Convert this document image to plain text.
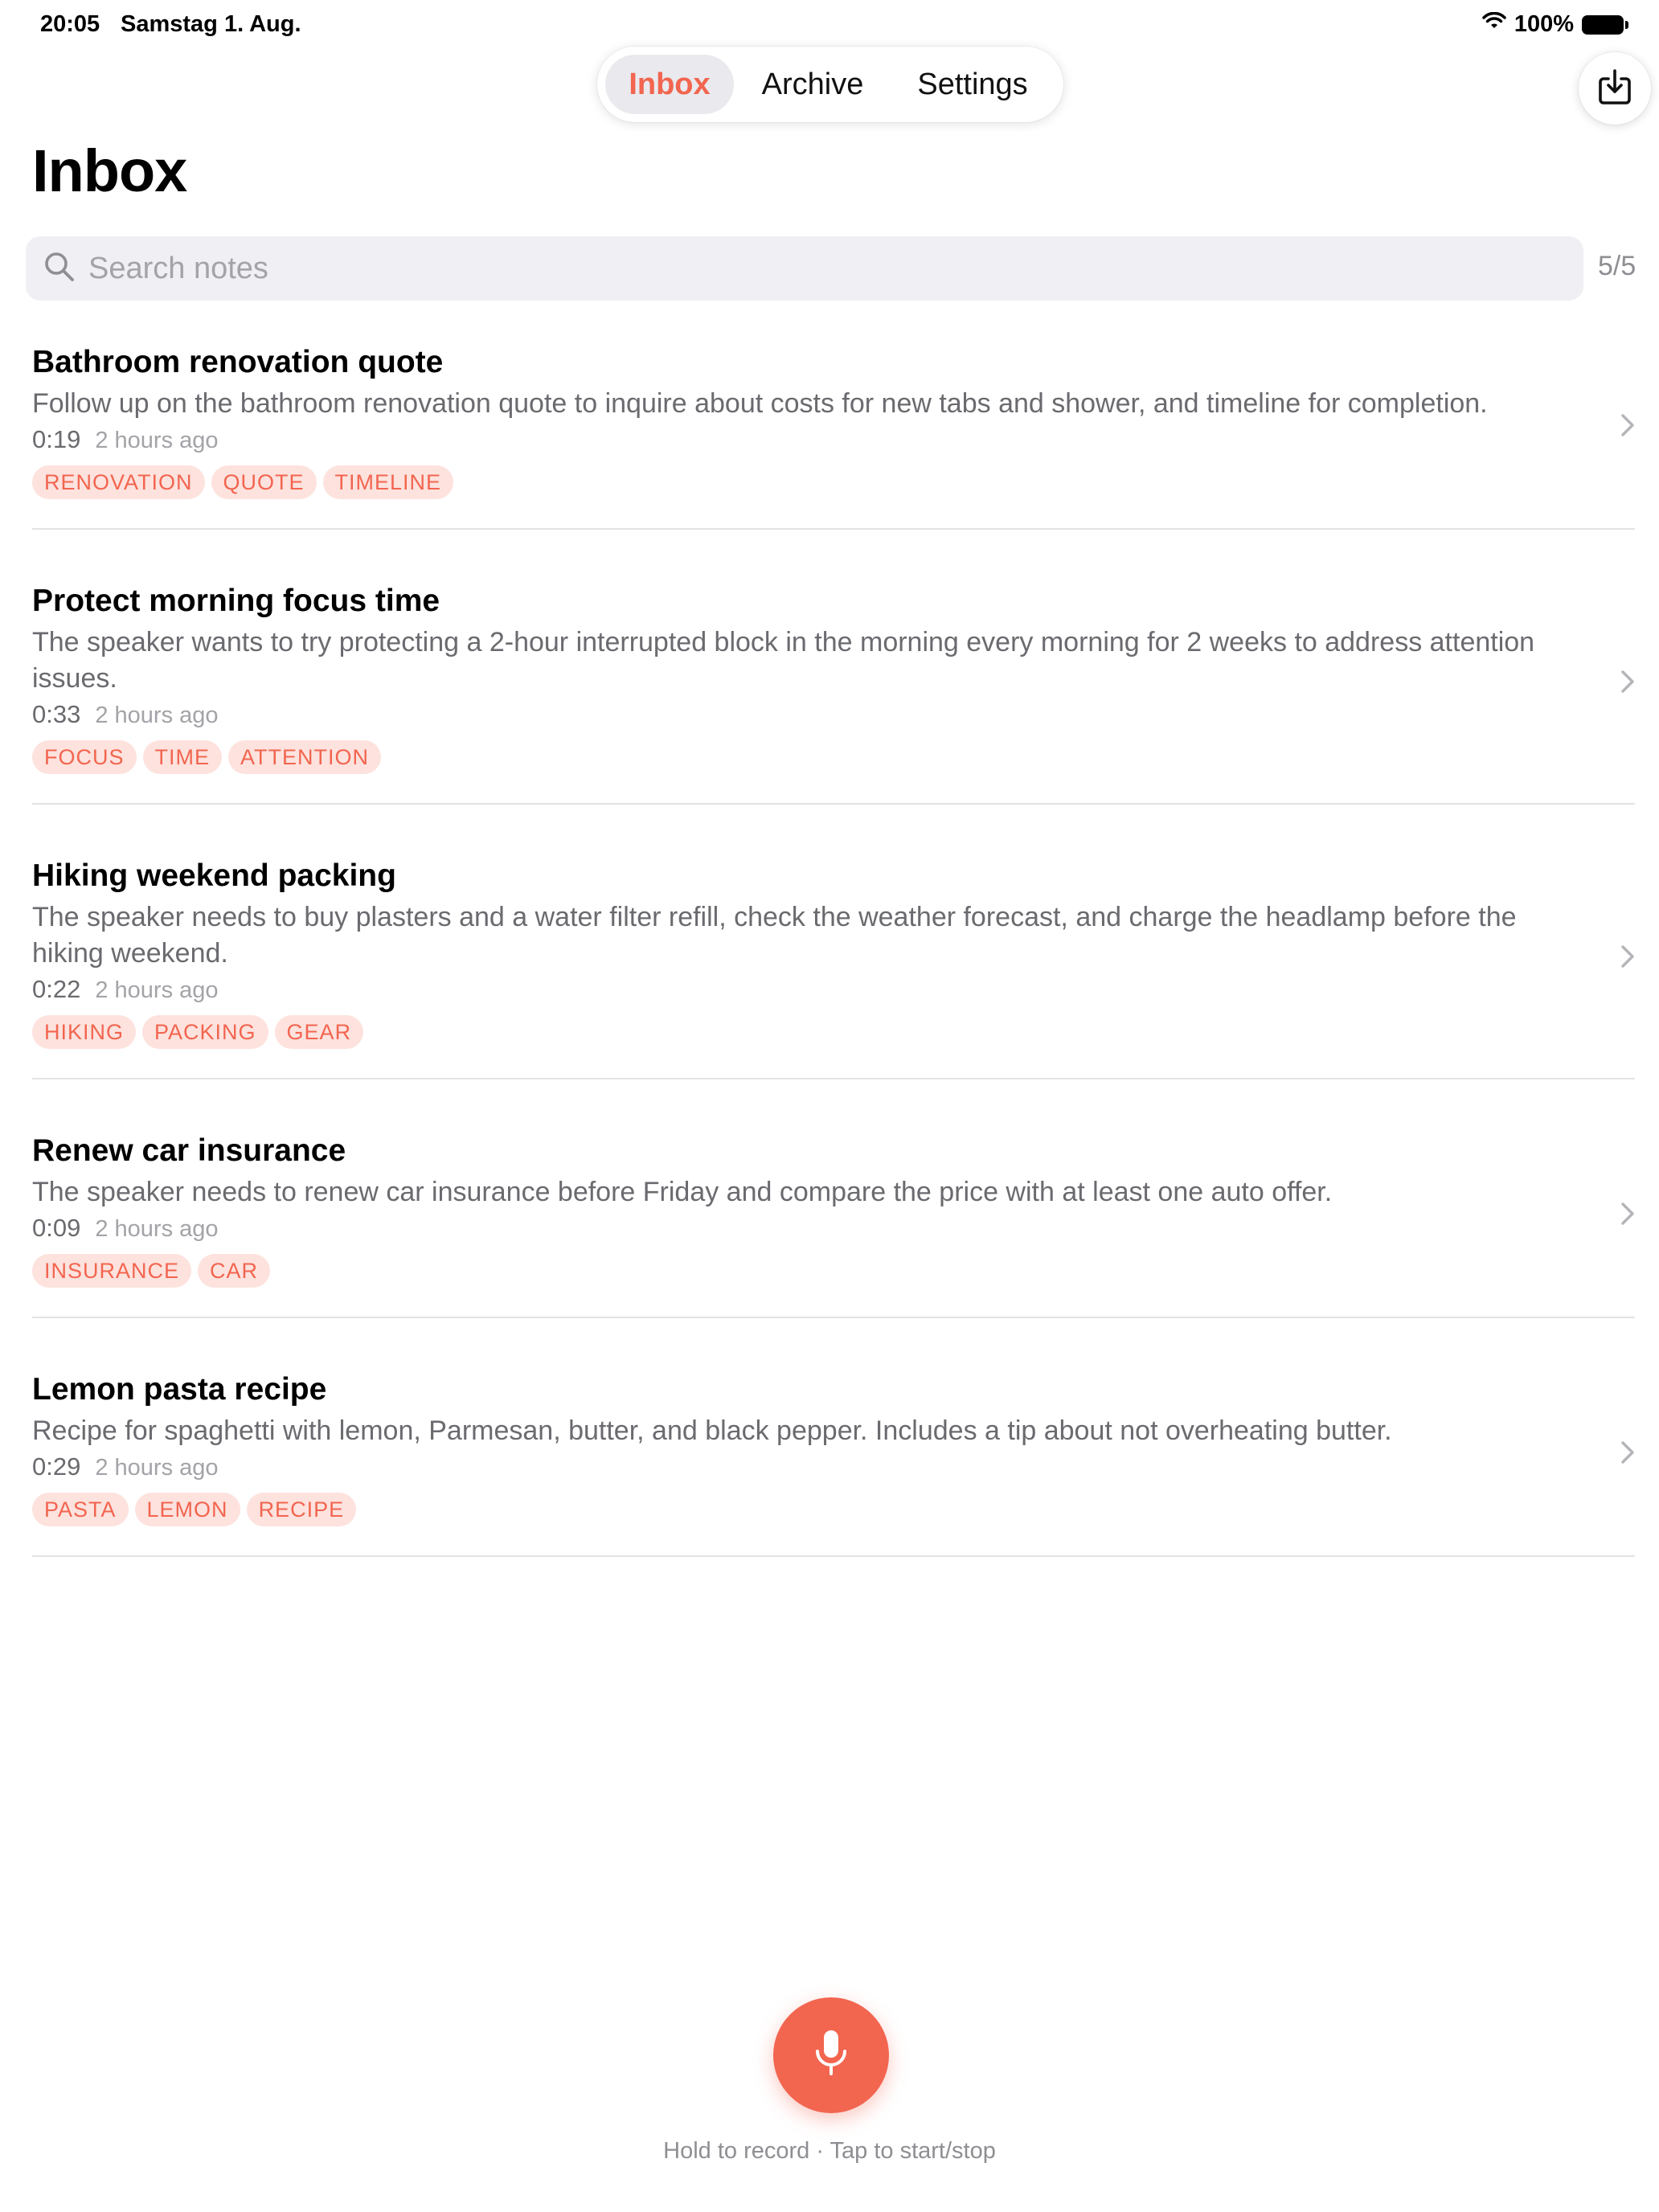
20:05 Samstag 1. Aug.	100%
Inbox	Archive	Settings
Inbox
Search notes	5/5
Bathroom renovation quote
Follow up on the bathroom renovation quote to inquire about costs for new tabs and shower, and timeline for completion.
0:19 2 hours ago
RENOVATION	QUOTE	TIMELINE
Protect morning focus time
The speaker wants to try protecting a 2-hour interrupted block in the morning every morning for 2 weeks to address attention issues.
0:33 2 hours ago
FOCUS	TIME	ATTENTION
Hiking weekend packing
The speaker needs to buy plasters and a water filter refill, check the weather forecast, and charge the headlamp before the hiking weekend.
0:22 2 hours ago
HIKING	PACKING	GEAR
Renew car insurance
The speaker needs to renew car insurance before Friday and compare the price with at least one auto offer.
0:09 2 hours ago
INSURANCE	CAR
Lemon pasta recipe
Recipe for spaghetti with lemon, Parmesan, butter, and black pepper. Includes a tip about not overheating butter.
0:29 2 hours ago
PASTA	LEMON	RECIPE
Hold to record · Tap to start/stop
